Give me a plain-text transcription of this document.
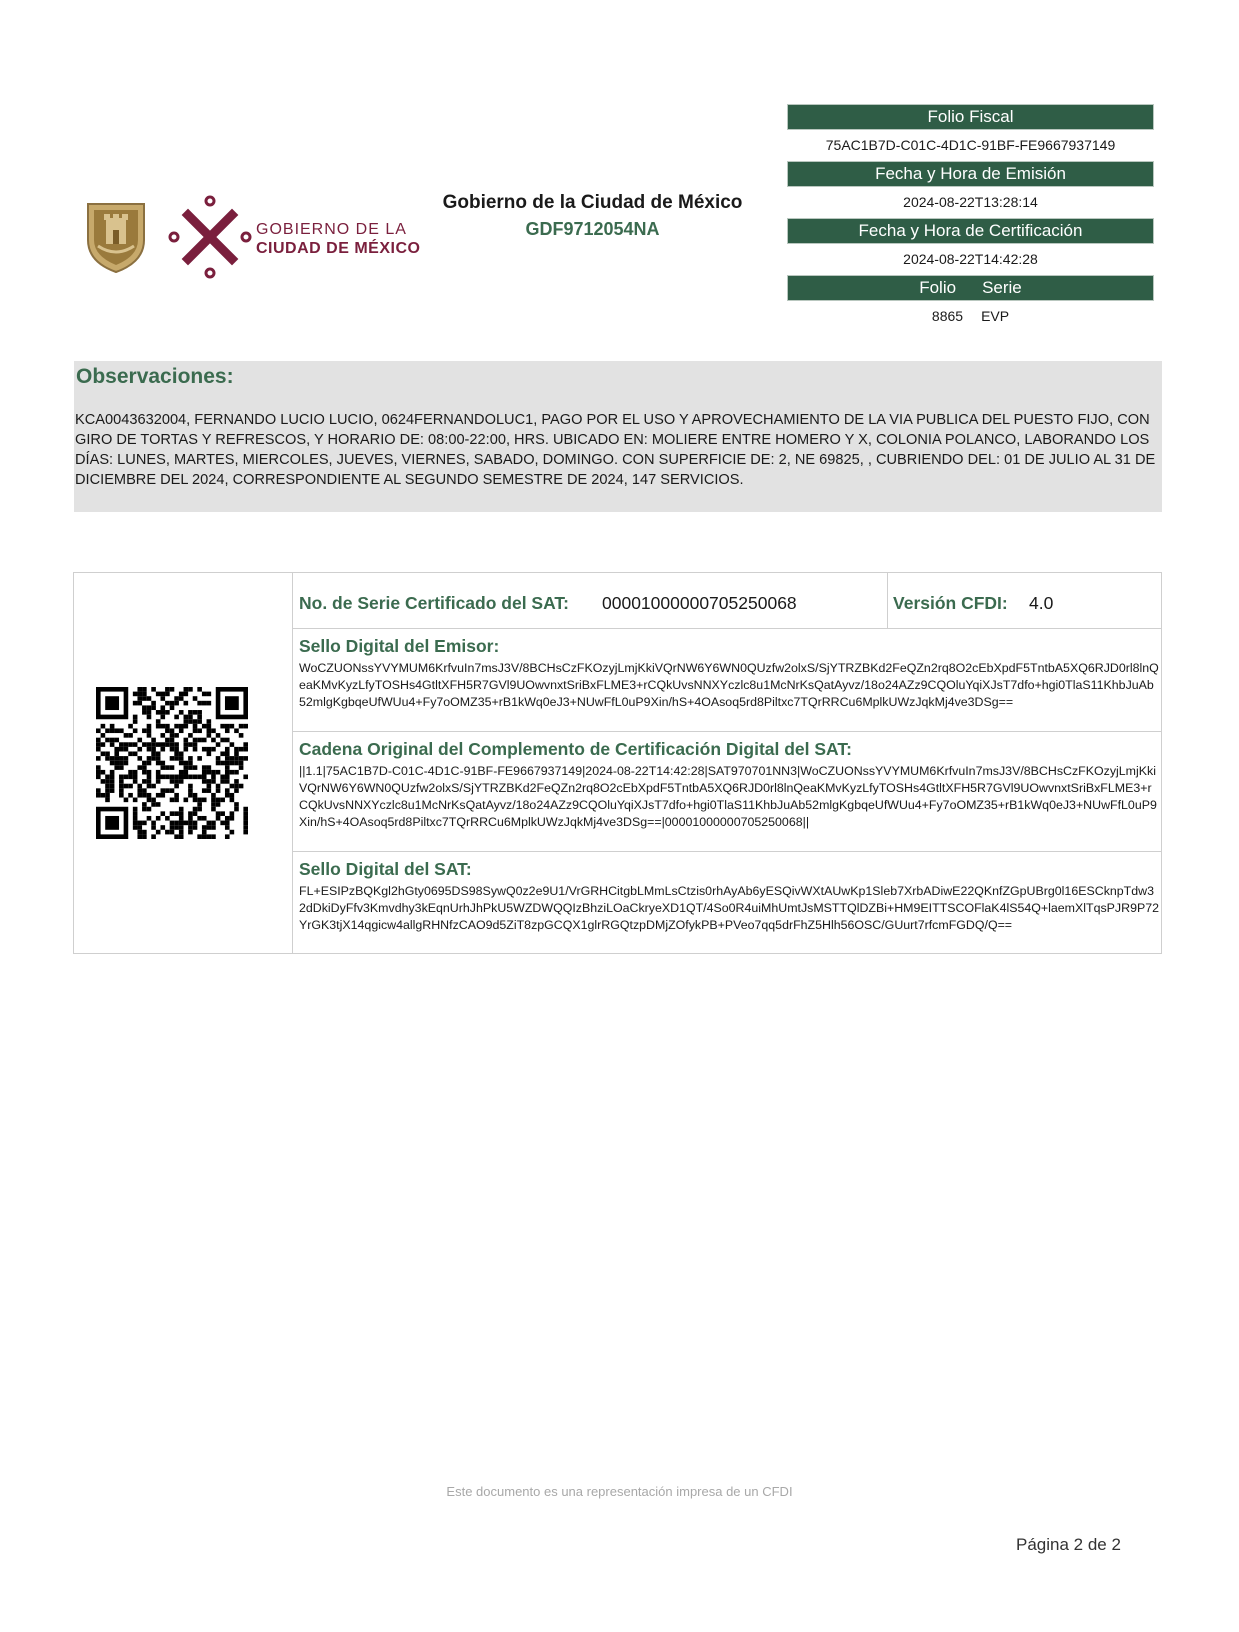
GOBIERNO DE LA
CIUDAD DE MÉXICO
Gobierno de la Ciudad de México
GDF9712054NA
Folio Fiscal
75AC1B7D-C01C-4D1C-91BF-FE9667937149
Fecha y Hora de Emisión
2024-08-22T13:28:14
Fecha y Hora de Certificación
2024-08-22T14:42:28
Folio Serie
8865 EVP
Observaciones:
KCA0043632004, FERNANDO LUCIO LUCIO, 0624FERNANDOLUC1, PAGO POR EL USO Y APROVECHAMIENTO DE LA VIA PUBLICA DEL PUESTO FIJO, CON GIRO DE TORTAS Y REFRESCOS, Y HORARIO DE: 08:00-22:00, HRS. UBICADO EN: MOLIERE ENTRE HOMERO Y X, COLONIA POLANCO, LABORANDO LOS DÍAS: LUNES, MARTES, MIERCOLES, JUEVES, VIERNES, SABADO, DOMINGO. CON SUPERFICIE DE: 2, NE 69825, , CUBRIENDO DEL: 01 DE JULIO AL 31 DE DICIEMBRE DEL 2024, CORRESPONDIENTE AL SEGUNDO SEMESTRE DE 2024, 147 SERVICIOS.
No. de Serie Certificado del SAT: 00001000000705250068	Versión CFDI: 4.0
Sello Digital del Emisor:
WoCZUONssYVYMUM6KrfvuIn7msJ3V/8BCHsCzFKOzyjLmjKkiVQrNW6Y6WN0QUzfw2olxS/SjYTRZBKd2FeQZn2rq8O2cEbXpdF5TntbA5XQ6RJD0rl8lnQeaKMvKyzLfyTOSHs4GtltXFH5R7GVl9UOwvnxtSriBxFLME3+rCQkUvsNNXYczlc8u1McNrKsQatAyvz/18o24AZz9CQOluYqiXJsT7dfo+hgi0TlaS11KhbJuAb52mlgKgbqeUfWUu4+Fy7oOMZ35+rB1kWq0eJ3+NUwFfL0uP9Xin/hS+4OAsoq5rd8Piltxc7TQrRRCu6MplkUWzJqkMj4ve3DSg==
Cadena Original del Complemento de Certificación Digital del SAT:
||1.1|75AC1B7D-C01C-4D1C-91BF-FE9667937149|2024-08-22T14:42:28|SAT970701NN3|WoCZUONssYVYMUM6KrfvuIn7msJ3V/8BCHsCzFKOzyjLmjKkiVQrNW6Y6WN0QUzfw2olxS/SjYTRZBKd2FeQZn2rq8O2cEbXpdF5TntbA5XQ6RJD0rl8lnQeaKMvKyzLfyTOSHs4GtltXFH5R7GVl9UOwvnxtSriBxFLME3+rCQkUvsNNXYczlc8u1McNrKsQatAyvz/18o24AZz9CQOluYqiXJsT7dfo+hgi0TlaS11KhbJuAb52mlgKgbqeUfWUu4+Fy7oOMZ35+rB1kWq0eJ3+NUwFfL0uP9Xin/hS+4OAsoq5rd8Piltxc7TQrRRCu6MplkUWzJqkMj4ve3DSg==|00001000000705250068||
Sello Digital del SAT:
FL+ESIPzBQKgl2hGty0695DS98SywQ0z2e9U1/VrGRHCitgbLMmLsCtzis0rhAyAb6yESQivWXtAUwKp1Sleb7XrbADiwE22QKnfZGpUBrg0l16ESCknpTdw32dDkiDyFfv3Kmvdhy3kEqnUrhJhPkU5WZDWQQIzBhziLOaCkryeXD1QT/4So0R4uiMhUmtJsMSTTQlDZBi+HM9EITTSCOFlaK4lS54Q+laemXlTqsPJR9P72YrGK3tjX14qgicw4allgRHNfzCAO9d5ZiT8zpGCQX1glrRGQtzpDMjZOfykPB+PVeo7qq5drFhZ5Hlh56OSC/GUurt7rfcmFGDQ/Q==
Este documento es una representación impresa de un CFDI
Página 2 de 2
